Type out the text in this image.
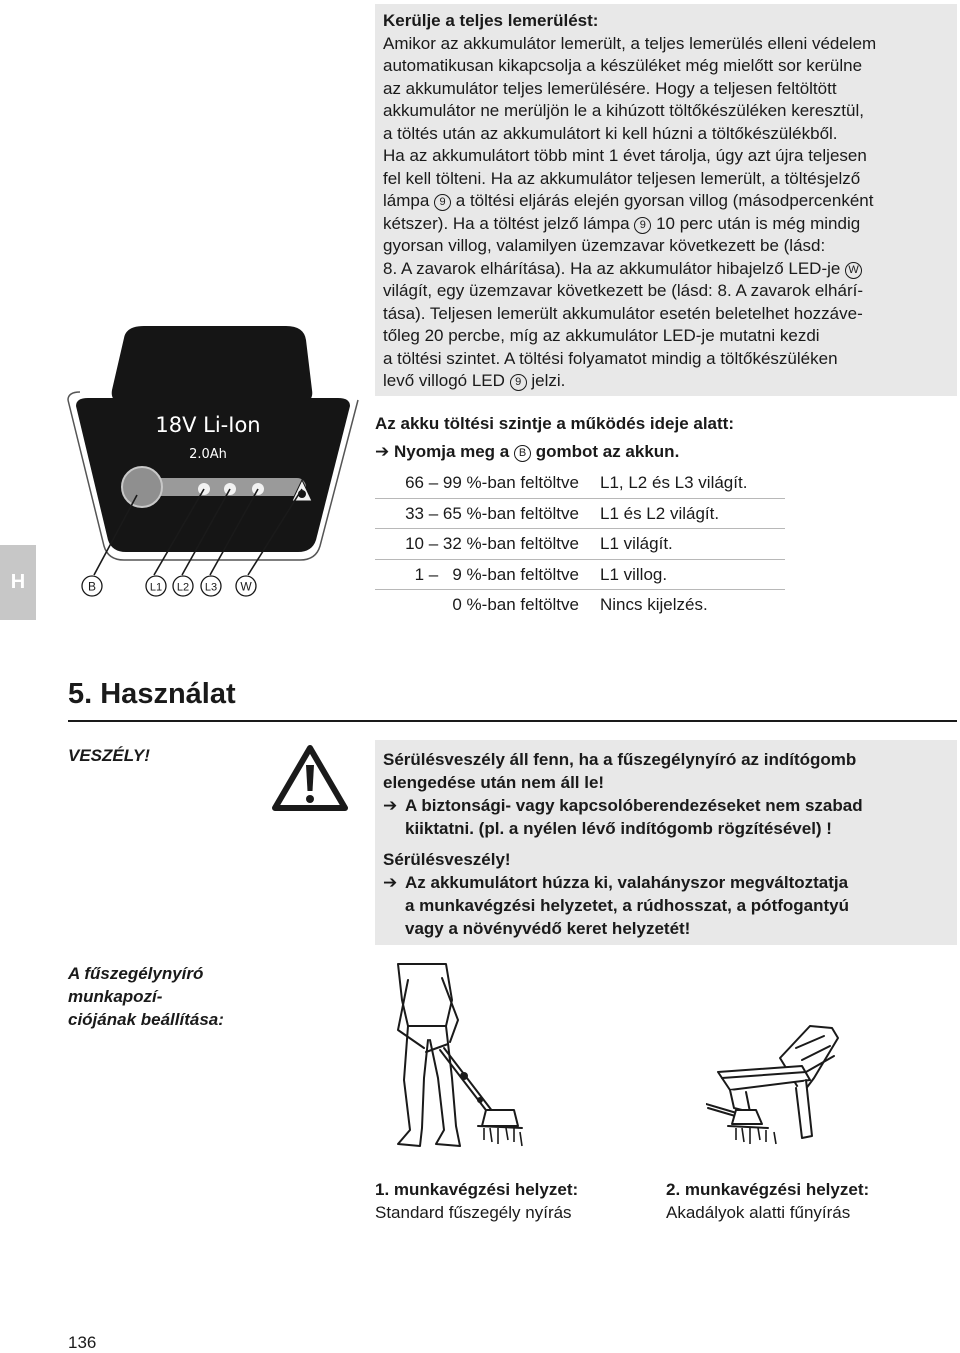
Kerülje a teljes lemerülést:

Amikor az akkumulátor lemerült, a teljes lemerülés elleni védelem

automatikusan kikapcsolja a készüléket még mielőtt sor kerülne

az akkumulátor teljes lemerülésére. Hogy a teljesen feltöltött

akkumulátor ne merüljön le a kihúzott töltőkészüléken keresztül,

a töltés után az akkumulátort ki kell húzni a töltőkészülékből.

Ha az akkumulátort több mint 1 évet tárolja, úgy azt újra teljesen

fel kell tölteni. Ha az akkumulátor teljesen lemerült, a töltésjelző

lámpa 9 a töltési eljárás elején gyorsan villog (másodpercenként

kétszer). Ha a töltést jelző lámpa 9 10 perc után is még mindig

gyorsan villog, valamilyen üzemzavar következett be (lásd:

8. A zavarok elhárítása). Ha az akkumulátor hibajelző LED-je W

világít, egy üzemzavar következett be (lásd: 8. A zavarok elhárí-

tása). Teljesen lemerült akkumulátor esetén beletelhet hozzáve-

tőleg 20 percbe, míg az akkumulátor LED-je mutatni kezdi

a töltési szintet. A töltési folyamatot mindig a töltőkészüléken

levő villogó LED 9 jelzi.

18V Li-Ion
2.0Ah
B	L1 L2 L3 W
H
Az akku töltési szintje a működés ideje alatt:
➔ Nyomja meg a B gombot az akkun.
66 – 99 %-ban feltöltve L1, L2 és L3 világít.
33 – 65 %-ban feltöltve L1 és L2 világít.
10 – 32 %-ban feltöltve L1 világít.
1 –   9 %-ban feltöltve L1 villog.
0 %-ban feltöltve Nincs kijelzés.
5. Használat
VESZÉLY!	Sérülésveszély áll fenn, ha a fűszegélynyíró az indítógomb

elengedése után nem áll le!

➔ A biztonsági- vagy kapcsolóberendezéseket nem szabad

kiiktatni. (pl. a nyélen lévő indítógomb rögzítésével) !

Sérülésveszély!

➔ Az akkumulátort húzza ki, valahányszor megváltoztatja

a munkavégzési helyzetet, a rúdhosszat, a pótfogantyú

vagy a növényvédő keret helyzetét!

A fűszegélynyíró munkapozí-
ciójának beállítása:
1. munkavégzési helyzet:
Standard fűszegély nyírás
2. munkavégzési helyzet:
Akadályok alatti fűnyírás
136
